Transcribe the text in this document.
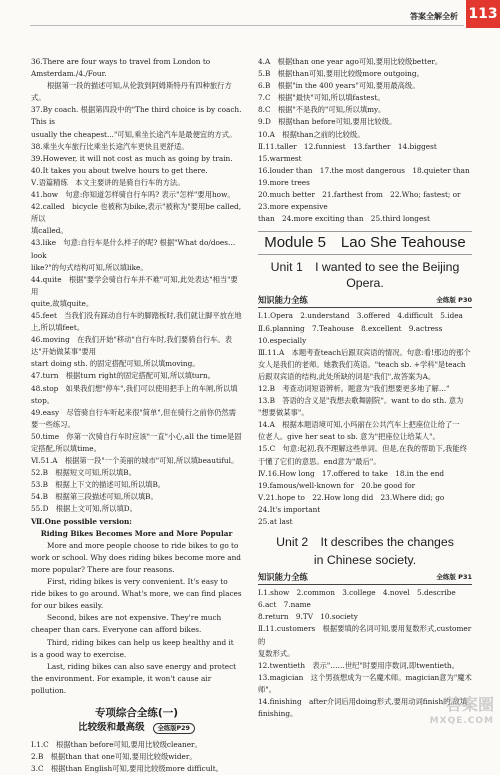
答案全解全析 113

36.There are four ways to travel from London to Amsterdam./4./Four.

根据第一段的描述可知,从伦敦到阿姆斯特丹有四种旅行方式。

37.By coach. 根据第四段中的"The third choice is by coach. This is

usually the cheapest..."可知,乘坐长途汽车是最便宜的方式。

38.乘坐火车旅行比乘坐长途汽车更快且更舒适。

39.However, it will not cost as much as going by train.

40.It takes you about twelve hours to get there.

Ⅴ.语篇精练　本文主要讲的是骑自行车的方法。

41.how　句意:你知道怎样骑自行车吗? 表示"怎样"要用how。

42.called　bicycle 也被称为bike,表示"被称为"要用be called,所以

填called。

43.like　句意:自行车是什么样子的呢? 根据"What do/does…look

like?"的句式结构可知,所以填like。

44.quite　根据"要学会骑自行车并不难"可知,此处表达"相当"要用

quite,故填quite。

45.feet　当我们没有踩动自行车的脚踏板时,我们就让脚平放在地上,所以填feet。

46.moving　在我们开始"移动"自行车时,我们要骑自行车。表达"开始做某事"要用

start doing sth. 的固定搭配可知,所以填moving。

47.turn　根据turn right的固定搭配可知,所以填turn。

48.stop　如果我们想"停车",我们可以使用把手上的车闸,所以填stop。

49.easy　尽管骑自行车听起来很"简单",但在骑行之前你仍然需要一些练习。

50.time　你第一次骑自行车时应该"一直"小心,all the time是固定搭配,所以填time。

Ⅵ.51.A　根据第一段"一个美丽的城市"可知,所以填beautiful。

52.B　根据短文可知,所以填B。

53.B　根据上下文的描述可知,所以填B。

54.B　根据第三段描述可知,所以填B。

55.D　根据上文可知,所以填D。

Ⅶ.One possible version:

Riding Bikes Becomes More and More Popular

More and more people choose to ride bikes to go to work or school. Why does riding bikes become more and more popular? There are four reasons.

First, riding bikes is very convenient. It's easy to ride bikes to go around. What's more, we can find places for our bikes easily.

Second, bikes are not expensive. They're much cheaper than cars. Everyone can afford bikes.

Third, riding bikes can help us keep healthy and it is a good way to exercise.

Last, riding bikes can also save energy and protect the environment. For example, it won't cause air pollution.

专项综合全练(一)
比较级和最高级	全练版P29

Ⅰ.1.C　根据than before可知,要用比较级cleaner。

2.B　根据than that one可知,要用比较级wider。

3.C　根据than English可知,要用比较级more difficult。

4.A　根据than one year ago可知,要用比较级better。

5.B　根据than可知,要用比较级more outgoing。

6.B　根据"in the 400 years"可知,要用最高级。

7.C　根据"最快"可知,所以填fastest。

8.C　根据"不是我的"可知,所以填my。

9.D　根据than before可知,要用比较级。

10.A　根据than之前的比较级。

Ⅱ.11.taller　12.funniest　13.farther　14.biggest　15.warmest

16.louder than　17.the most dangerous　18.quieter than　19.more trees

20.much better　21.farthest from　22.Who; fastest; or　23.more expensive

than　24.more exciting than　25.third longest

Module 5　Lao She Teahouse
Unit 1　I wanted to see the Beijing Opera.
知识能力全练	全练版 P30

Ⅰ.1.Opera　2.understand　3.offered　4.difficult　5.idea

Ⅱ.6.planning　7.Teahouse　8.excellent　9.actress　10.especially

Ⅲ.11.A　本题考查teach后跟双宾语的情况。句意:看!那边的那个

女人是我们的老师。她教我们英语。"teach sb. +学科"是teach

后跟双宾语的结构,此处所缺的词是"我们",故答案为A。

12.B　考查动词短语辨析。题意为"我们想要更多地了解…"

13.B　答语的含义是"我想去歌舞剧院"。want to do sth. 意为

"想要做某事"。

14.A　根据本题语境可知,小玛丽在公共汽车上把座位让给了一

位老人。give her seat to sb. 意为"把座位让给某人"。

15.C　句意:起初,我不理解这些单词。但是,在我的帮助下,我能终

于懂了它们的意思。end意为"最后"。

Ⅳ.16.How long　17.offered to take　18.in the end

19.famous/well-known for　20.be good for

Ⅴ.21.hope to　22.How long did　23.Where did; go　24.It's important

25.at last

Unit 2　It describes the changes
in Chinese society.
知识能力全练	全练版 P31

Ⅰ.1.show　2.common　3.college　4.novel　5.describe　6.act　7.name

8.return　9.TV　10.society

Ⅱ.11.customers　根据要填的名词可知,要用复数形式,customer的

复数形式。

12.twentieth　表示"……世纪"时要用序数词,即twentieth。

13.magician　这个男孩想成为一名魔术师。magician意为"魔术师"。

14.finishing　after介词后用doing形式,要用动词finish的,故填finishing。	答案圈
MXQE.COM
